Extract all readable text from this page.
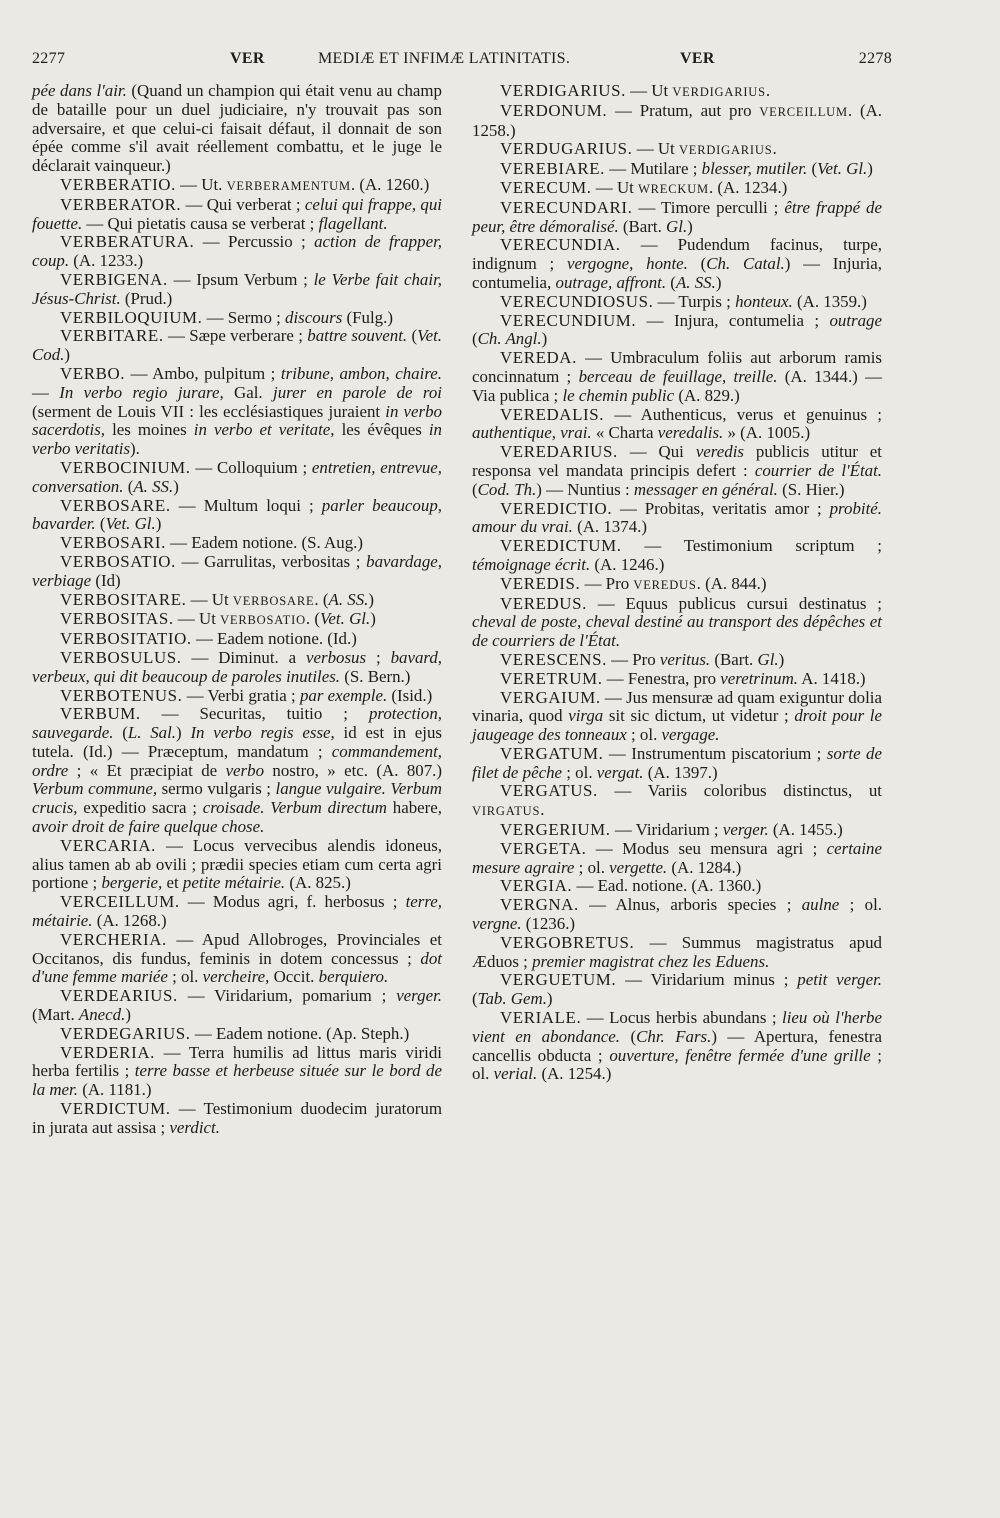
2277	VER	MEDIÆ ET INFIMÆ LATINITATIS.	VER	2278

pée dans l'air. (Quand un champion qui était venu au champ de bataille pour un duel judiciaire, n'y trouvait pas son adversaire, et que celui-ci faisait défaut, il donnait de son épée comme s'il avait réellement combattu, et le juge le déclarait vainqueur.)

VERBERATIO. — Ut. VERBERAMENTUM. (A. 1260.)

VERBERATOR. — Qui verberat ; celui qui frappe, qui fouette. — Qui pietatis causa se verberat ; flagellant.

VERBERATURA. — Percussio ; action de frapper, coup. (A. 1233.)

VERBIGENA. — Ipsum Verbum ; le Verbe fait chair, Jésus-Christ. (Prud.)

VERBILOQUIUM. — Sermo ; discours (Fulg.)

VERBITARE. — Sæpe verberare ; battre souvent. (Vet. Cod.)

VERBO. — Ambo, pulpitum ; tribune, ambon, chaire. — In verbo regio jurare, Gal. jurer en parole de roi (serment de Louis VII : les ecclésiastiques juraient in verbo sacerdotis, les moines in verbo et veritate, les évêques in verbo veritatis).

VERBOCINIUM. — Colloquium ; entretien, entrevue, conversation. (A. SS.)

VERBOSARE. — Multum loqui ; parler beaucoup, bavarder. (Vet. Gl.)

VERBOSARI. — Eadem notione. (S. Aug.)

VERBOSATIO. — Garrulitas, verbositas ; bavardage, verbiage (Id)

VERBOSITARE. — Ut VERBOSARE. (A. SS.)

VERBOSITAS. — Ut VERBOSATIO. (Vet. Gl.)

VERBOSITATIO. — Eadem notione. (Id.)

VERBOSULUS. — Diminut. a verbosus ; bavard, verbeux, qui dit beaucoup de paroles inutiles. (S. Bern.)

VERBOTENUS. — Verbi gratia ; par exemple. (Isid.)

VERBUM. — Securitas, tuitio ; protection, sauvegarde. (L. Sal.) In verbo regis esse, id est in ejus tutela. (Id.) — Præceptum, mandatum ; commandement, ordre ; « Et præcipiat de verbo nostro, » etc. (A. 807.) Verbum commune, sermo vulgaris ; langue vulgaire. Verbum crucis, expeditio sacra ; croisade. Verbum directum habere, avoir droit de faire quelque chose.

VERCARIA. — Locus vervecibus alendis idoneus, alius tamen ab ab ovili ; prædii species etiam cum certa agri portione ; bergerie, et petite métairie. (A. 825.)

VERCEILLUM. — Modus agri, f. herbosus ; terre, métairie. (A. 1268.)

VERCHERIA. — Apud Allobroges, Provinciales et Occitanos, dis fundus, feminis in dotem concessus ; dot d'une femme mariée ; ol. vercheire, Occit. berquiero.

VERDEARIUS. — Viridarium, pomarium ; verger. (Mart. Anecd.)

VERDEGARIUS. — Eadem notione. (Ap. Steph.)

VERDERIA. — Terra humilis ad littus maris viridi herba fertilis ; terre basse et herbeuse située sur le bord de la mer. (A. 1181.)

VERDICTUM. — Testimonium duodecim juratorum in jurata aut assisa ; verdict.

VERDIGARIUS. — Ut VERDIGARIUS.

VERDONUM. — Pratum, aut pro VERCEILLUM. (A. 1258.)

VERDUGARIUS. — Ut VERDIGARIUS.

VEREBIARE. — Mutilare ; blesser, mutiler. (Vet. Gl.)

VERECUM. — Ut WRECKUM. (A. 1234.)

VERECUNDARI. — Timore perculli ; être frappé de peur, être démoralisé. (Bart. Gl.)

VERECUNDIA. — Pudendum facinus, turpe, indignum ; vergogne, honte. (Ch. Catal.) — Injuria, contumelia, outrage, affront. (A. SS.)

VERECUNDIOSUS. — Turpis ; honteux. (A. 1359.)

VERECUNDIUM. — Injura, contumelia ; outrage (Ch. Angl.)

VEREDA. — Umbraculum foliis aut arborum ramis concinnatum ; berceau de feuillage, treille. (A. 1344.) — Via publica ; le chemin public (A. 829.)

VEREDALIS. — Authenticus, verus et genuinus ; authentique, vrai. « Charta veredalis. » (A. 1005.)

VEREDARIUS. — Qui veredis publicis utitur et responsa vel mandata principis defert : courrier de l'État. (Cod. Th.) — Nuntius : messager en général. (S. Hier.)

VEREDICTIO. — Probitas, veritatis amor ; probité. amour du vrai. (A. 1374.)

VEREDICTUM. — Testimonium scriptum ; témoignage écrit. (A. 1246.)

VEREDIS. — Pro VEREDUS. (A. 844.)

VEREDUS. — Equus publicus cursui destinatus ; cheval de poste, cheval destiné au transport des dépêches et de courriers de l'État.

VERESCENS. — Pro veritus. (Bart. Gl.)

VERETRUM. — Fenestra, pro veretrinum. A. 1418.)

VERGAIUM. — Jus mensuræ ad quam exiguntur dolia vinaria, quod virga sit sic dictum, ut videtur ; droit pour le jaugeage des tonneaux ; ol. vergage.

VERGATUM. — Instrumentum piscatorium ; sorte de filet de pêche ; ol. vergat. (A. 1397.)

VERGATUS. — Variis coloribus distinctus, ut VIRGATUS.

VERGERIUM. — Viridarium ; verger. (A. 1455.)

VERGETA. — Modus seu mensura agri ; certaine mesure agraire ; ol. vergette. (A. 1284.)

VERGIA. — Ead. notione. (A. 1360.)

VERGNA. — Alnus, arboris species ; aulne ; ol. vergne. (1236.)

VERGOBRETUS. — Summus magistratus apud Æduos ; premier magistrat chez les Eduens.

VERGUETUM. — Viridarium minus ; petit verger. (Tab. Gem.)

VERIALE. — Locus herbis abundans ; lieu où l'herbe vient en abondance. (Chr. Fars.) — Apertura, fenestra cancellis obducta ; ouverture, fenêtre fermée d'une grille ; ol. verial. (A. 1254.)
